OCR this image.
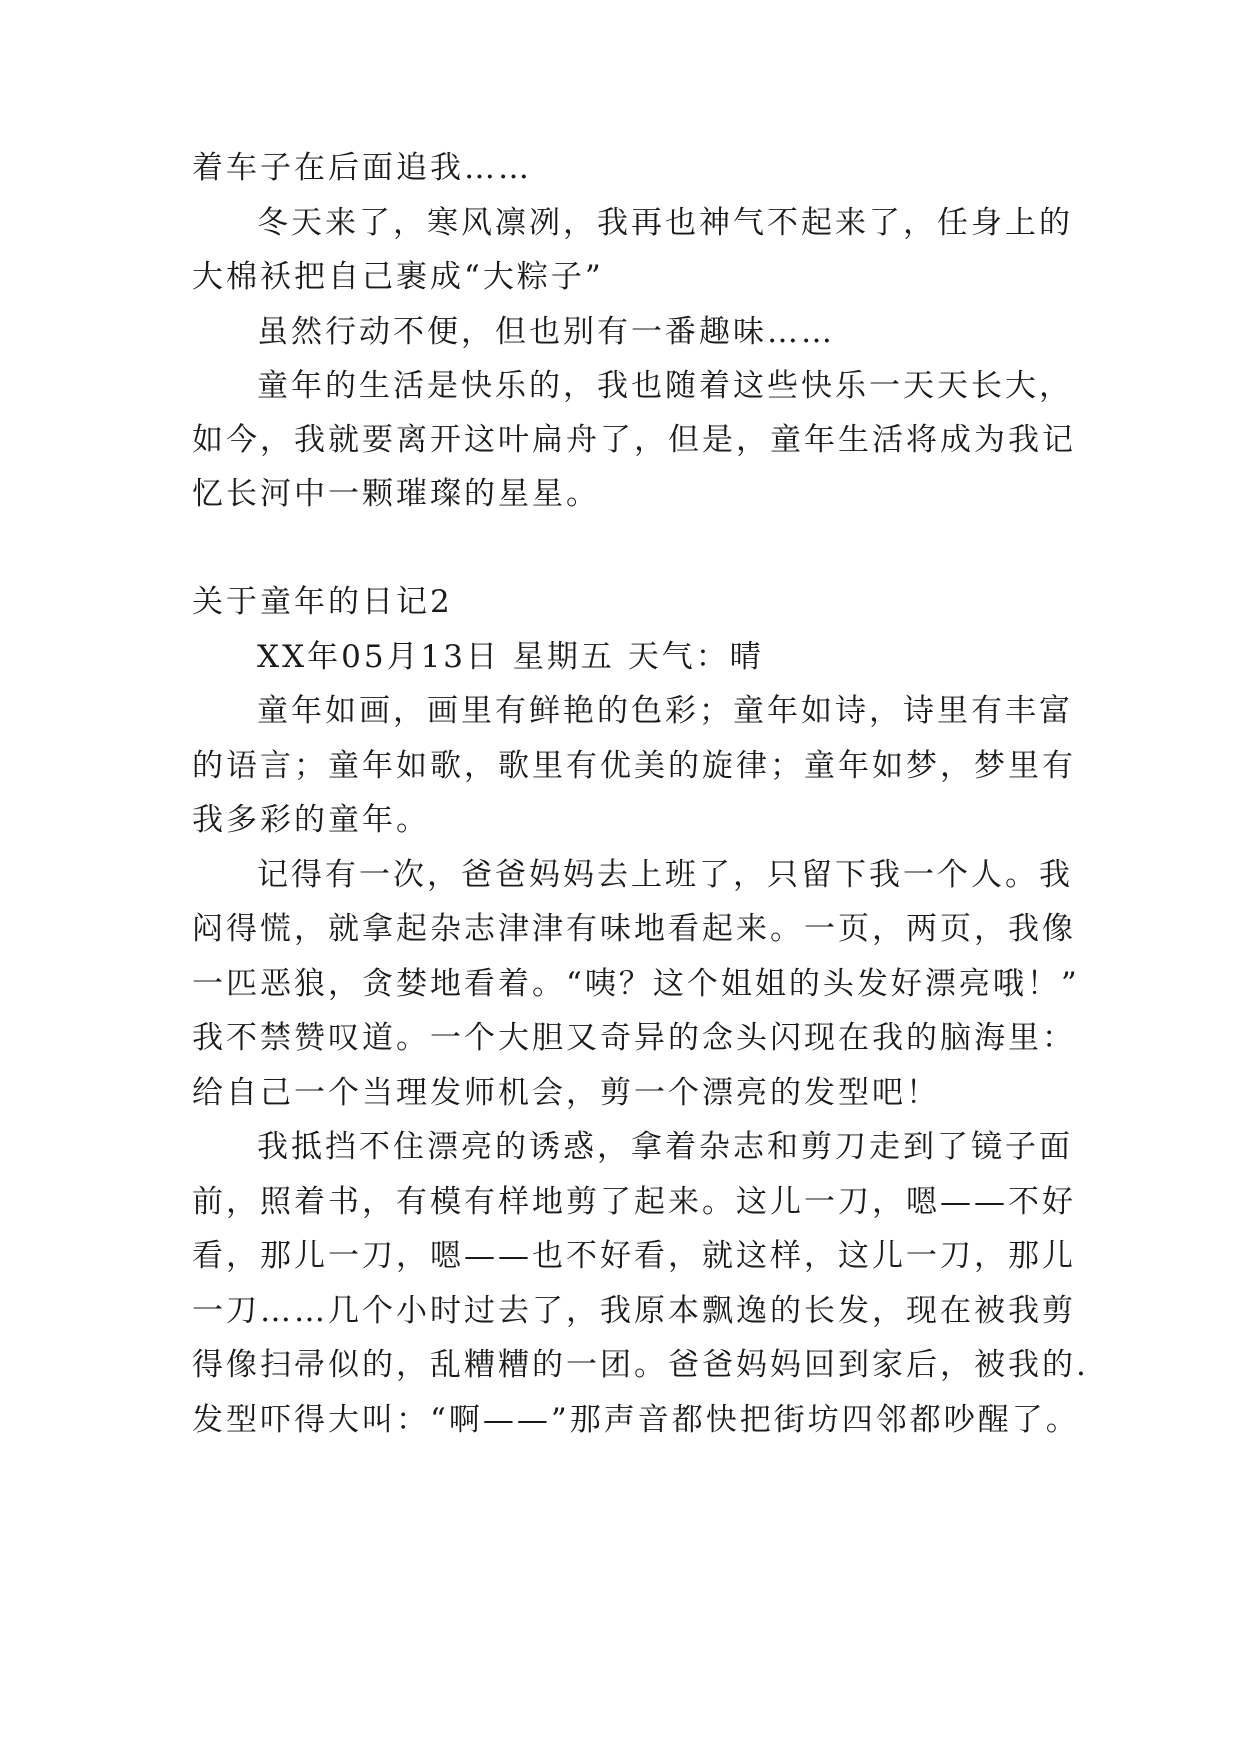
着车子在后面追我……
冬天来了，寒风凛冽，我再也神气不起来了，任身上的
大棉袄把自己裹成“大粽子”
虽然行动不便，但也别有一番趣味……
童年的生活是快乐的，我也随着这些快乐一天天长大，
如今，我就要离开这叶扁舟了，但是，童年生活将成为我记
忆长河中一颗璀璨的星星。
关于童年的日记2
XX年05月13日 星期五 天气：晴
童年如画，画里有鲜艳的色彩；童年如诗，诗里有丰富
的语言；童年如歌，歌里有优美的旋律；童年如梦，梦里有
我多彩的童年。
记得有一次，爸爸妈妈去上班了，只留下我一个人。我
闷得慌，就拿起杂志津津有味地看起来。一页，两页，我像
一匹恶狼，贪婪地看着。“咦？这个姐姐的头发好漂亮哦！”
我不禁赞叹道。一个大胆又奇异的念头闪现在我的脑海里：
给自己一个当理发师机会，剪一个漂亮的发型吧！
我抵挡不住漂亮的诱惑，拿着杂志和剪刀走到了镜子面
前，照着书，有模有样地剪了起来。这儿一刀，嗯——不好
看，那儿一刀，嗯——也不好看，就这样，这儿一刀，那儿
一刀……几个小时过去了，我原本飘逸的长发，现在被我剪
得像扫帚似的，乱糟糟的一团。爸爸妈妈回到家后，被我的.
发型吓得大叫：“啊——”那声音都快把街坊四邻都吵醒了。
